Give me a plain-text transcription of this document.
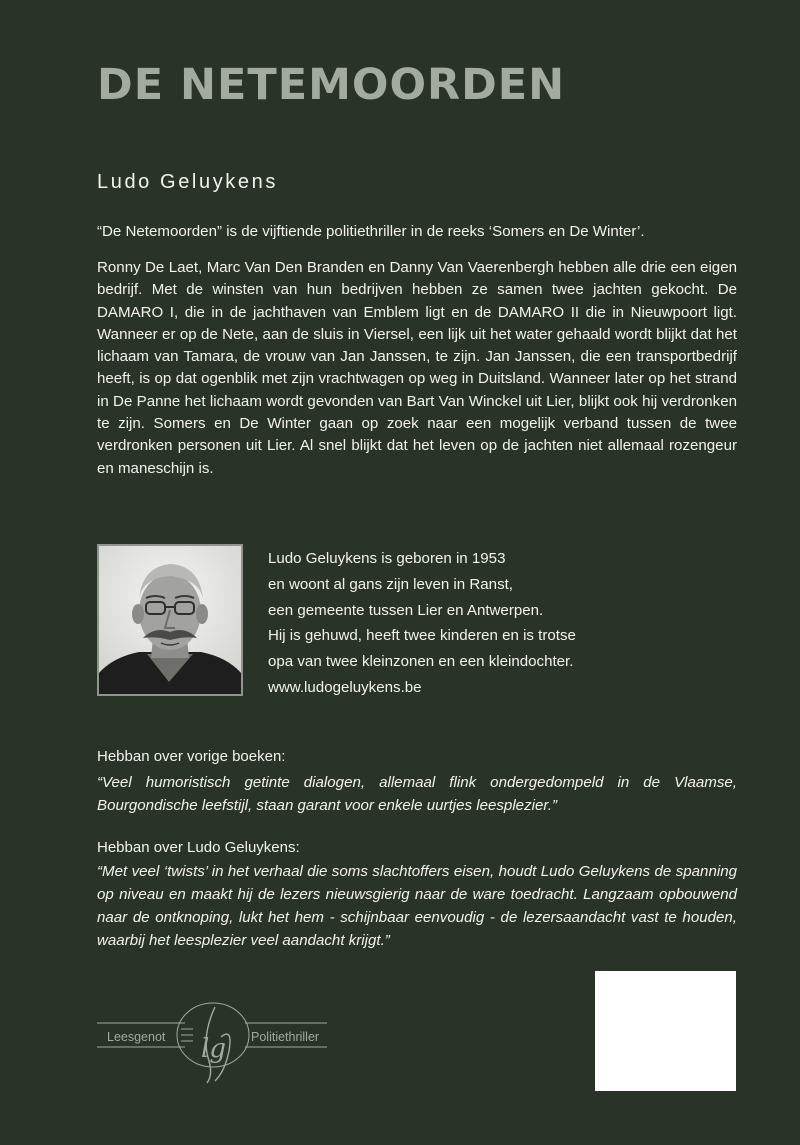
DE NETEMOORDEN
Ludo Geluykens

“De Netemoorden” is de vijftiende politiethriller in de reeks ‘Somers en De Winter’.

Ronny De Laet, Marc Van Den Branden en Danny Van Vaerenbergh hebben alle drie een eigen bedrijf. Met de winsten van hun bedrijven hebben ze samen twee jachten gekocht. De DAMARO I, die in de jachthaven van Emblem ligt en de DAMARO II die in Nieuwpoort ligt. Wanneer er op de Nete, aan de sluis in Viersel, een lijk uit het water gehaald wordt blijkt dat het lichaam van Tamara, de vrouw van Jan Janssen, te zijn. Jan Janssen, die een transportbedrijf heeft, is op dat ogenblik met zijn vrachtwagen op weg in Duitsland. Wanneer later op het strand in De Panne het lichaam wordt gevonden van Bart Van Winckel uit Lier, blijkt ook hij verdronken te zijn. Somers en De Winter gaan op zoek naar een mogelijk verband tussen de twee verdronken personen uit Lier. Al snel blijkt dat het leven op de jachten niet allemaal rozengeur en maneschijn is.

Ludo Geluykens is geboren in 1953
en woont al gans zijn leven in Ranst,
een gemeente tussen Lier en Antwerpen.
Hij is gehuwd, heeft twee kinderen en is trotse
opa van twee kleinzonen en een kleindochter.
www.ludogeluykens.be
Hebban over vorige boeken:

“Veel humoristisch getinte dialogen, allemaal flink ondergedompeld in de Vlaamse, Bourgondische leefstijl, staan garant voor enkele uurtjes leesplezier.”

Hebban over Ludo Geluykens:

“Met veel ‘twists’ in het verhaal die soms slachtoffers eisen, houdt Ludo Geluykens de spanning op niveau en maakt hij de lezers nieuwsgierig naar de ware toedracht. Langzaam opbouwend naar de ontknoping, lukt het hem - schijnbaar eenvoudig - de lezersaandacht vast te houden, waarbij het leesplezier veel aandacht krijgt.”

Leesgenot	Politiethriller
lg
